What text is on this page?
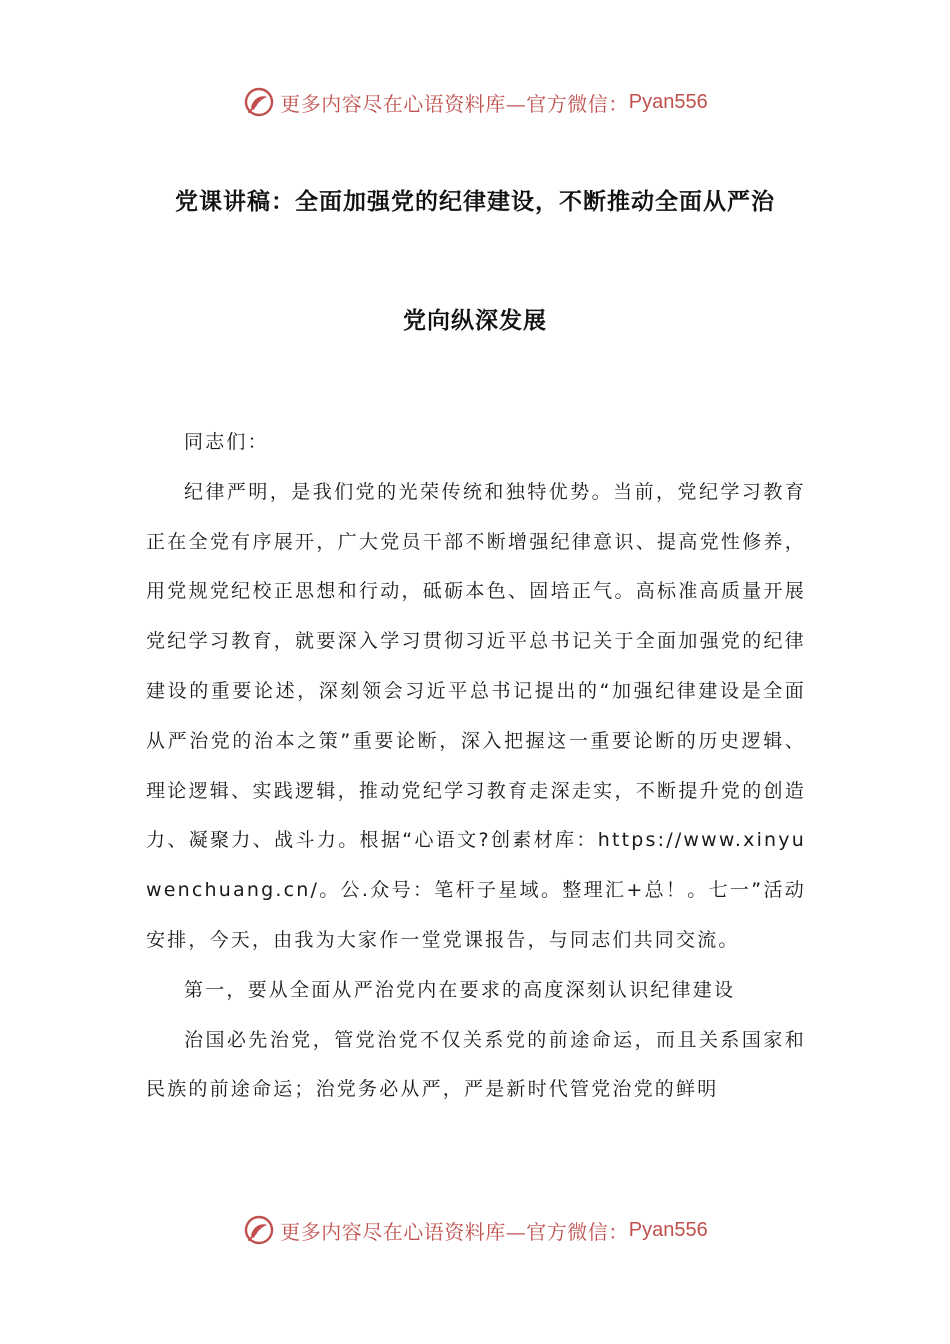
更多内容尽在心语资料库—官方微信： Pyan556
党课讲稿：全面加强党的纪律建设，不断推动全面从严治
党向纵深发展

同志们：

纪律严明，是我们党的光荣传统和独特优势。当前，党纪学习教育正在全党有序展开，广大党员干部不断增强纪律意识、提高党性修养，用党规党纪校正思想和行动，砥砺本色、固培正气。高标准高质量开展党纪学习教育，就要深入学习贯彻习近平总书记关于全面加强党的纪律建设的重要论述，深刻领会习近平总书记提出的“加强纪律建设是全面从严治党的治本之策”重要论断，深入把握这一重要论断的历史逻辑、理论逻辑、实践逻辑，推动党纪学习教育走深走实，不断提升党的创造力、凝聚力、战斗力。根据“心语文?创素材库：https://www.xinyuwenchuang.cn/。公.众号：笔杆子星域。整理汇+总！。七一”活动安排，今天，由我为大家作一堂党课报告，与同志们共同交流。

第一，要从全面从严治党内在要求的高度深刻认识纪律建设

治国必先治党，管党治党不仅关系党的前途命运，而且关系国家和民族的前途命运；治党务必从严，严是新时代管党治党的鲜明

更多内容尽在心语资料库—官方微信： Pyan556
